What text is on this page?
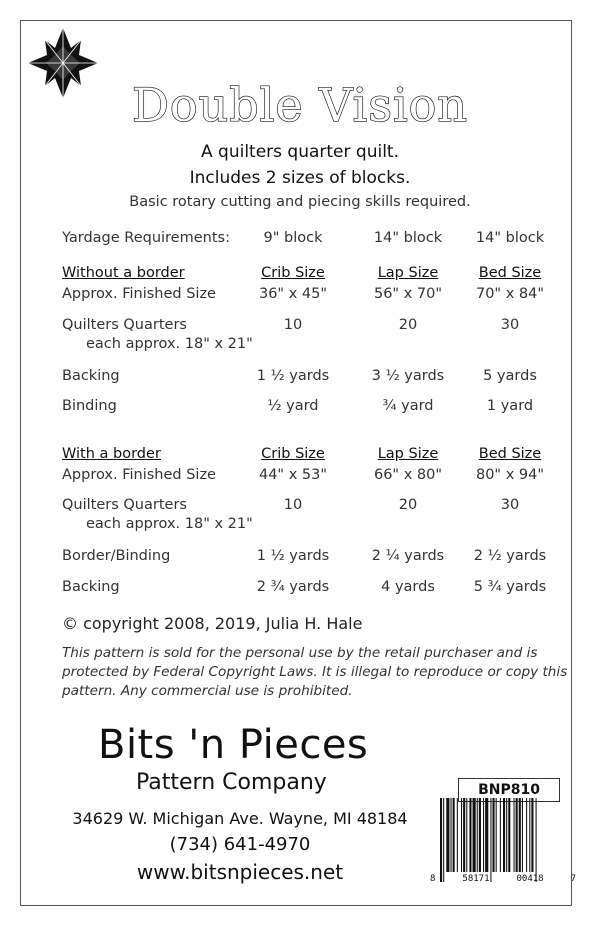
Double Vision
A quilters quarter quilt.
Includes 2 sizes of blocks.
Basic rotary cutting and piecing skills required.
Yardage Requirements:	9" block	14" block	14" block
Without a border	Crib Size	Lap Size	Bed Size
Approx. Finished Size	36" x 45"	56" x 70"	70" x 84"
Quilters Quarters	10	20	30
each approx. 18" x 21"
Backing	1 ½ yards	3 ½ yards	5 yards
Binding	½ yard	¾ yard	1 yard
With a border	Crib Size	Lap Size	Bed Size
Approx. Finished Size	44" x 53"	66" x 80"	80" x 94"
Quilters Quarters	10	20	30
each approx. 18" x 21"
Border/Binding	1 ½ yards	2 ¼ yards	2 ½ yards
Backing	2 ¾ yards	4 yards	5 ¾ yards
© copyright 2008, 2019, Julia H. Hale
This pattern is sold for the personal use by the retail purchaser and is protected by Federal Copyright Laws. It is illegal to reproduce or copy this pattern. Any commercial use is prohibited.
Bits 'n Pieces
Pattern Company
34629 W. Michigan Ave. Wayne, MI 48184
(734) 641-4970
www.bitsnpieces.net
BNP810
8	58171	00418	7
